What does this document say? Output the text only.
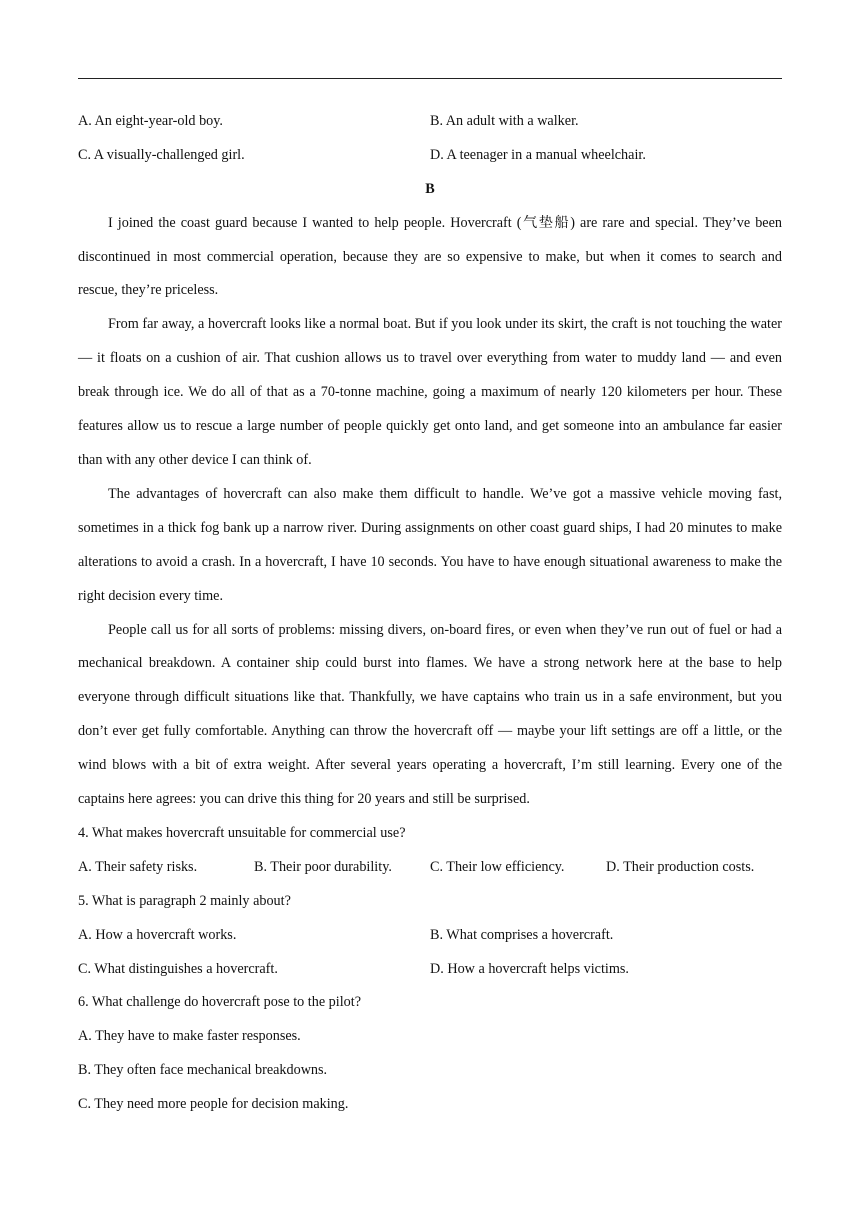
A. An eight-year-old boy.	B. An adult with a walker.
C. A visually-challenged girl.	D. A teenager in a manual wheelchair.
B

I joined the coast guard because I wanted to help people. Hovercraft (气垫船) are rare and special. They’ve been discontinued in most commercial operation, because they are so expensive to make, but when it comes to search and rescue, they’re priceless.

From far away, a hovercraft looks like a normal boat. But if you look under its skirt, the craft is not touching the water — it floats on a cushion of air. That cushion allows us to travel over everything from water to muddy land — and even break through ice. We do all of that as a 70-tonne machine, going a maximum of nearly 120 kilometers per hour. These features allow us to rescue a large number of people quickly get onto land, and get someone into an ambulance far easier than with any other device I can think of.

The advantages of hovercraft can also make them difficult to handle. We’ve got a massive vehicle moving fast, sometimes in a thick fog bank up a narrow river. During assignments on other coast guard ships, I had 20 minutes to make alterations to avoid a crash. In a hovercraft, I have 10 seconds. You have to have enough situational awareness to make the right decision every time.

People call us for all sorts of problems: missing divers, on-board fires, or even when they’ve run out of fuel or had a mechanical breakdown. A container ship could burst into flames. We have a strong network here at the base to help everyone through difficult situations like that. Thankfully, we have captains who train us in a safe environment, but you don’t ever get fully comfortable. Anything can throw the hovercraft off — maybe your lift settings are off a little, or the wind blows with a bit of extra weight. After several years operating a hovercraft, I’m still learning. Every one of the captains here agrees: you can drive this thing for 20 years and still be surprised.

4. What makes hovercraft unsuitable for commercial use?
A. Their safety risks.	B. Their poor durability.	C. Their low efficiency.	D. Their production costs.
5. What is paragraph 2 mainly about?
A. How a hovercraft works.	B. What comprises a hovercraft.
C. What distinguishes a hovercraft.	D. How a hovercraft helps victims.
6. What challenge do hovercraft pose to the pilot?
A. They have to make faster responses.
B. They often face mechanical breakdowns.
C. They need more people for decision making.
